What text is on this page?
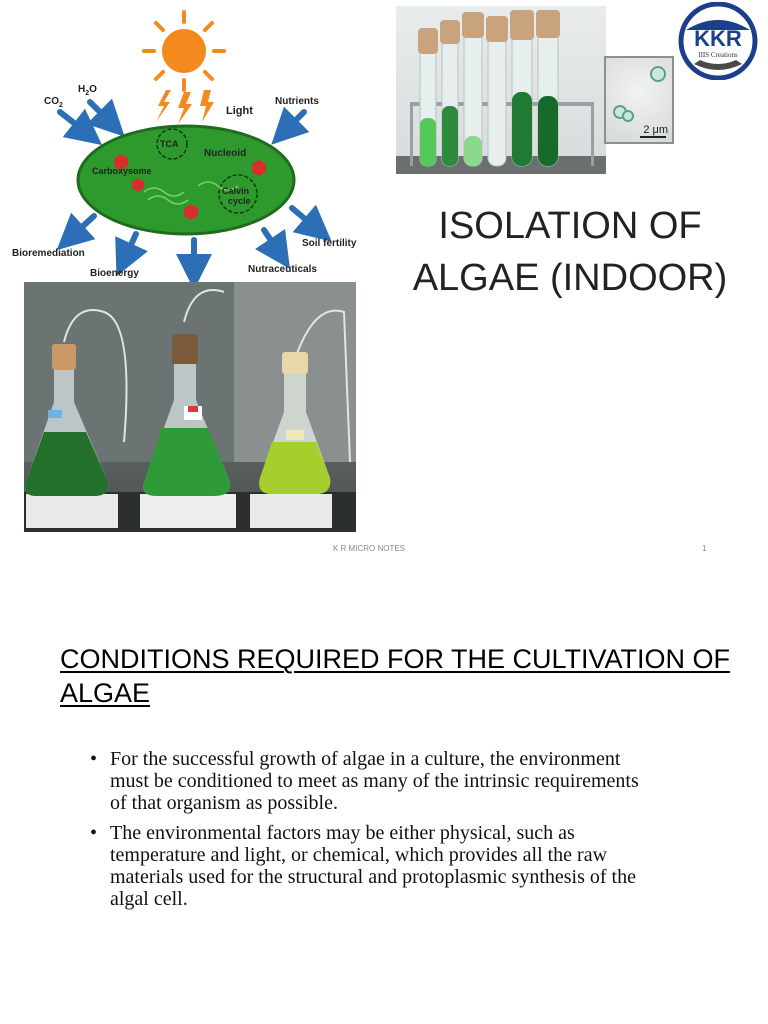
Light
$CO_2$
$H_2O$
Nutrients
TCA
Nucleoid
Carboxysome
Calvin
cycle
Bioremediation
Bioenergy	Nutraceuticals
Soil fertility
2 μm
KKR
IIIS Creations
ISOLATION OF
ALGAE (INDOOR)
K R MICRO NOTES	1
CONDITIONS REQUIRED FOR THE CULTIVATION OF ALGAE
• For the successful growth of algae in a culture, the environment must be conditioned to meet as many of the intrinsic requirements of that organism as possible.
• The environmental factors may be either physical, such as temperature and light, or chemical, which provides all the raw materials used for the structural and protoplasmic synthesis of the algal cell.
